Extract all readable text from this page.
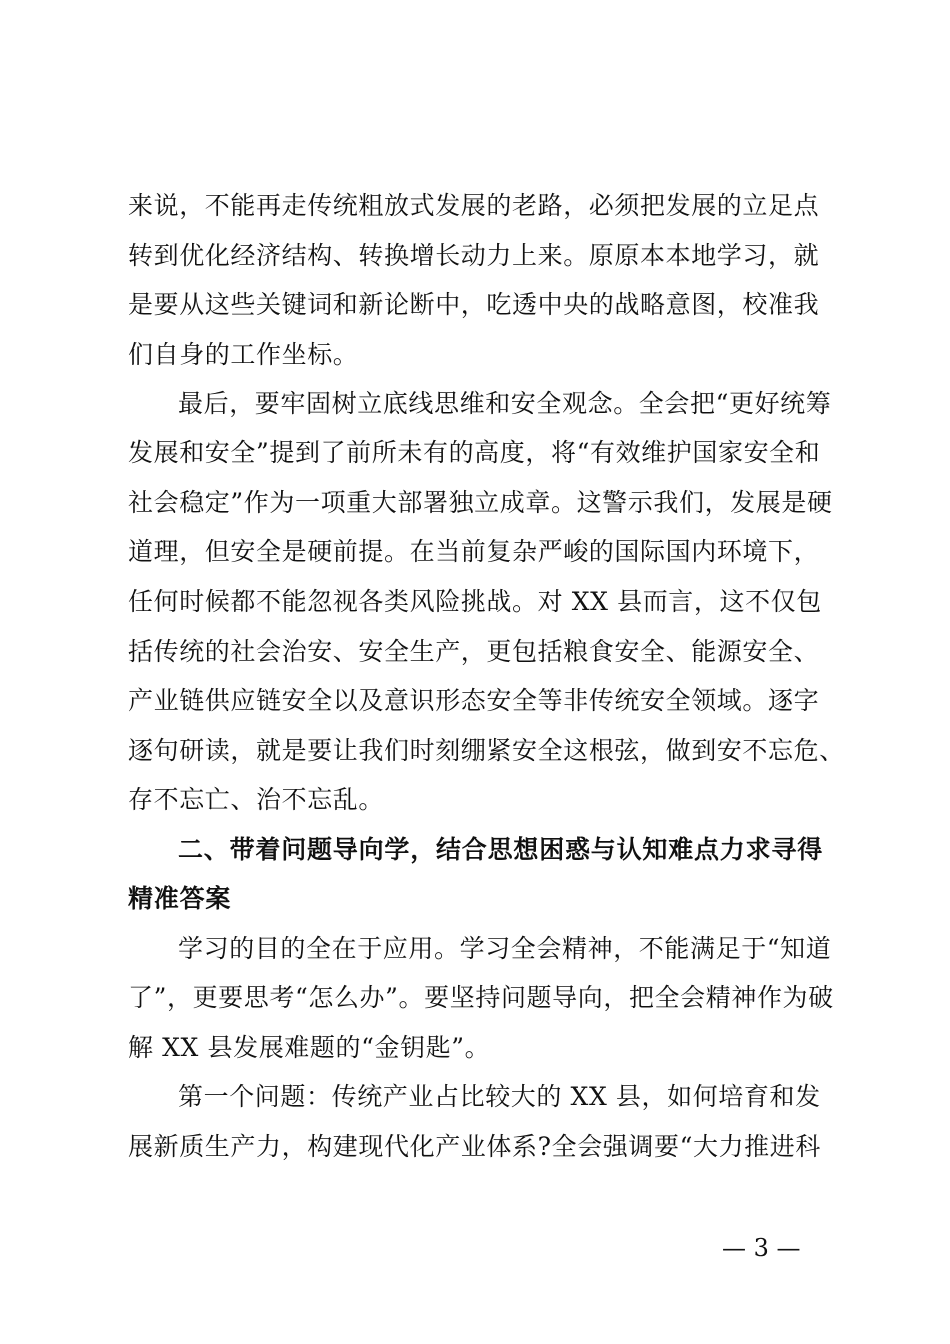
来说，不能再走传统粗放式发展的老路，必须把发展的立足点
转到优化经济结构、转换增长动力上来。原原本本地学习，就
是要从这些关键词和新论断中，吃透中央的战略意图，校准我
们自身的工作坐标。
最后，要牢固树立底线思维和安全观念。全会把“更好统筹
发展和安全”提到了前所未有的高度，将“有效维护国家安全和
社会稳定”作为一项重大部署独立成章。这警示我们，发展是硬
道理，但安全是硬前提。在当前复杂严峻的国际国内环境下，
任何时候都不能忽视各类风险挑战。对 XX 县而言，这不仅包
括传统的社会治安、安全生产，更包括粮食安全、能源安全、
产业链供应链安全以及意识形态安全等非传统安全领域。逐字
逐句研读，就是要让我们时刻绷紧安全这根弦，做到安不忘危、
存不忘亡、治不忘乱。
二、带着问题导向学，结合思想困惑与认知难点力求寻得
精准答案
学习的目的全在于应用。学习全会精神，不能满足于“知道
了”，更要思考“怎么办”。要坚持问题导向，把全会精神作为破
解 XX 县发展难题的“金钥匙”。
第一个问题：传统产业占比较大的 XX 县，如何培育和发
展新质生产力，构建现代化产业体系?全会强调要“大力推进科
— 3 —
